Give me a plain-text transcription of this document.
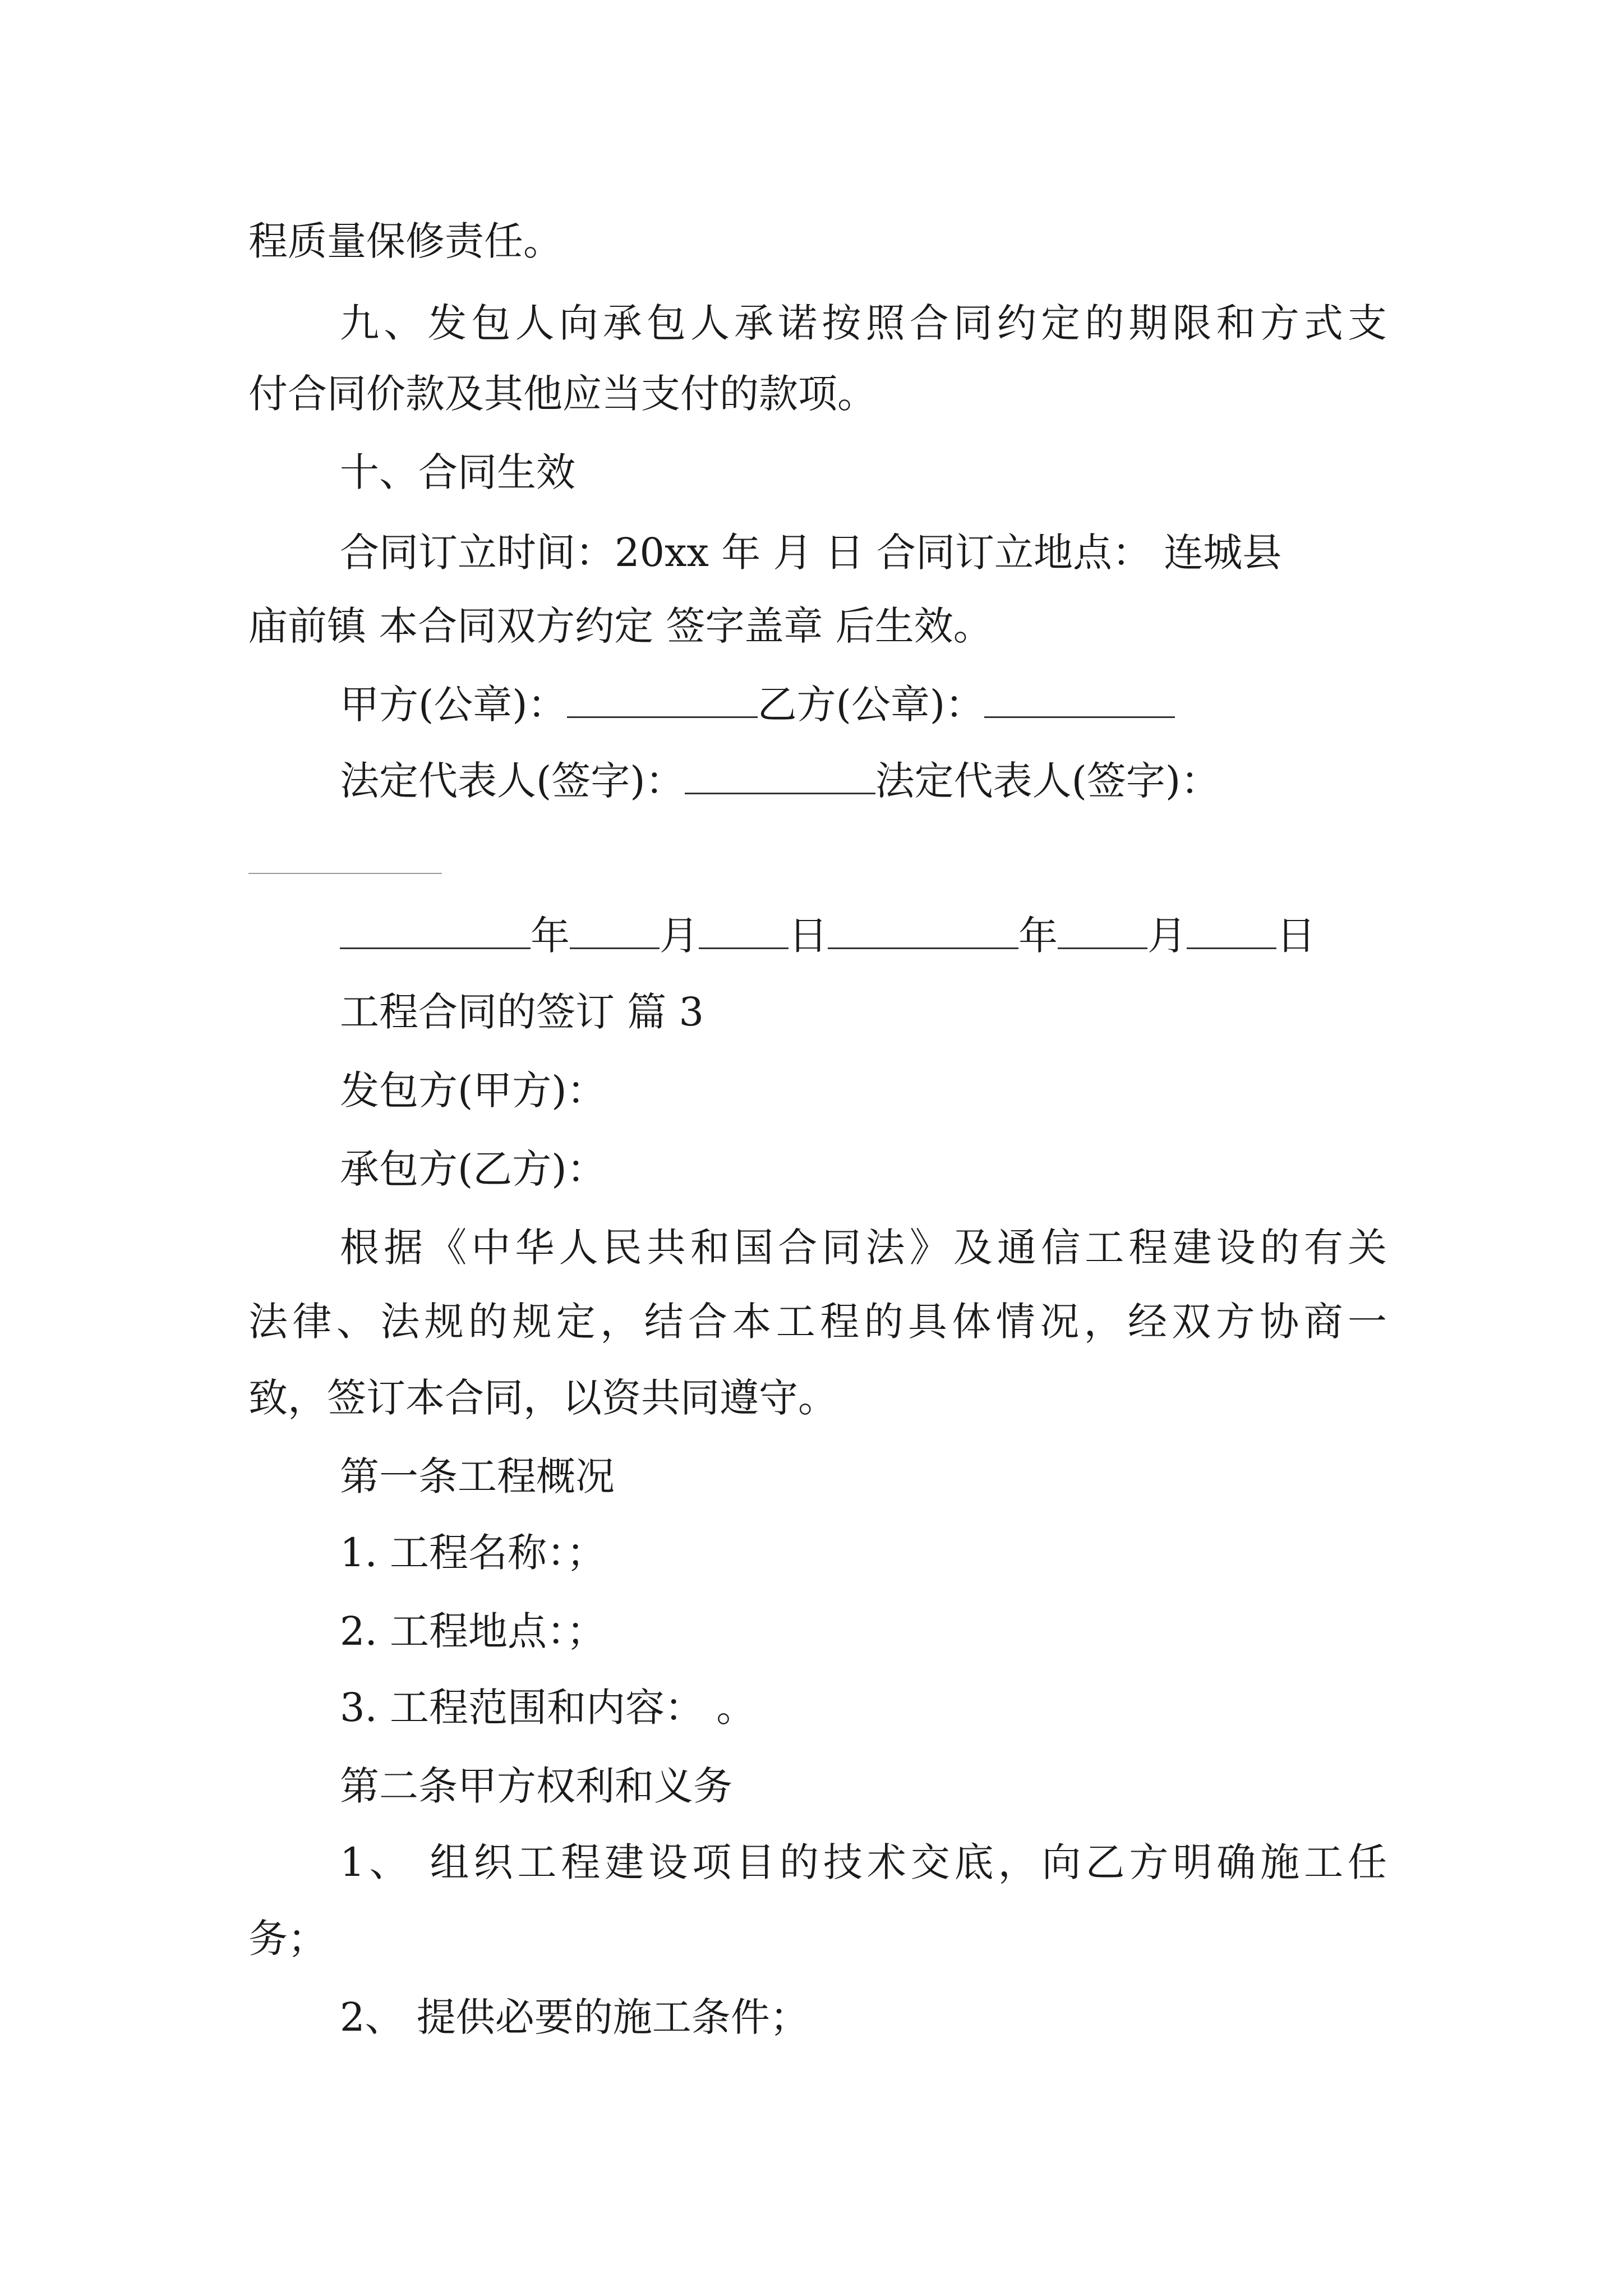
程质量保修责任。
九、发包人向承包人承诺按照合同约定的期限和方式支
付合同价款及其他应当支付的款项。
十、合同生效
合同订立时间：20xx 年 月 日 合同订立地点： 连城县
庙前镇 本合同双方约定 签字盖章 后生效。
甲方(公章)：	乙方(公章)：
法定代表人(签字)：	法定代表人(签字)：
年 月 日	年 月 日
工程合同的签订 篇 3
发包方(甲方)：
承包方(乙方)：
根据《中华人民共和国合同法》及通信工程建设的有关
法律、法规的规定，结合本工程的具体情况，经双方协商一
致，签订本合同，以资共同遵守。
第一条工程概况
1. 工程名称：；
2. 工程地点：；
3. 工程范围和内容： 。
第二条甲方权利和义务
1、 组织工程建设项目的技术交底，向乙方明确施工任
务；
2、 提供必要的施工条件；
